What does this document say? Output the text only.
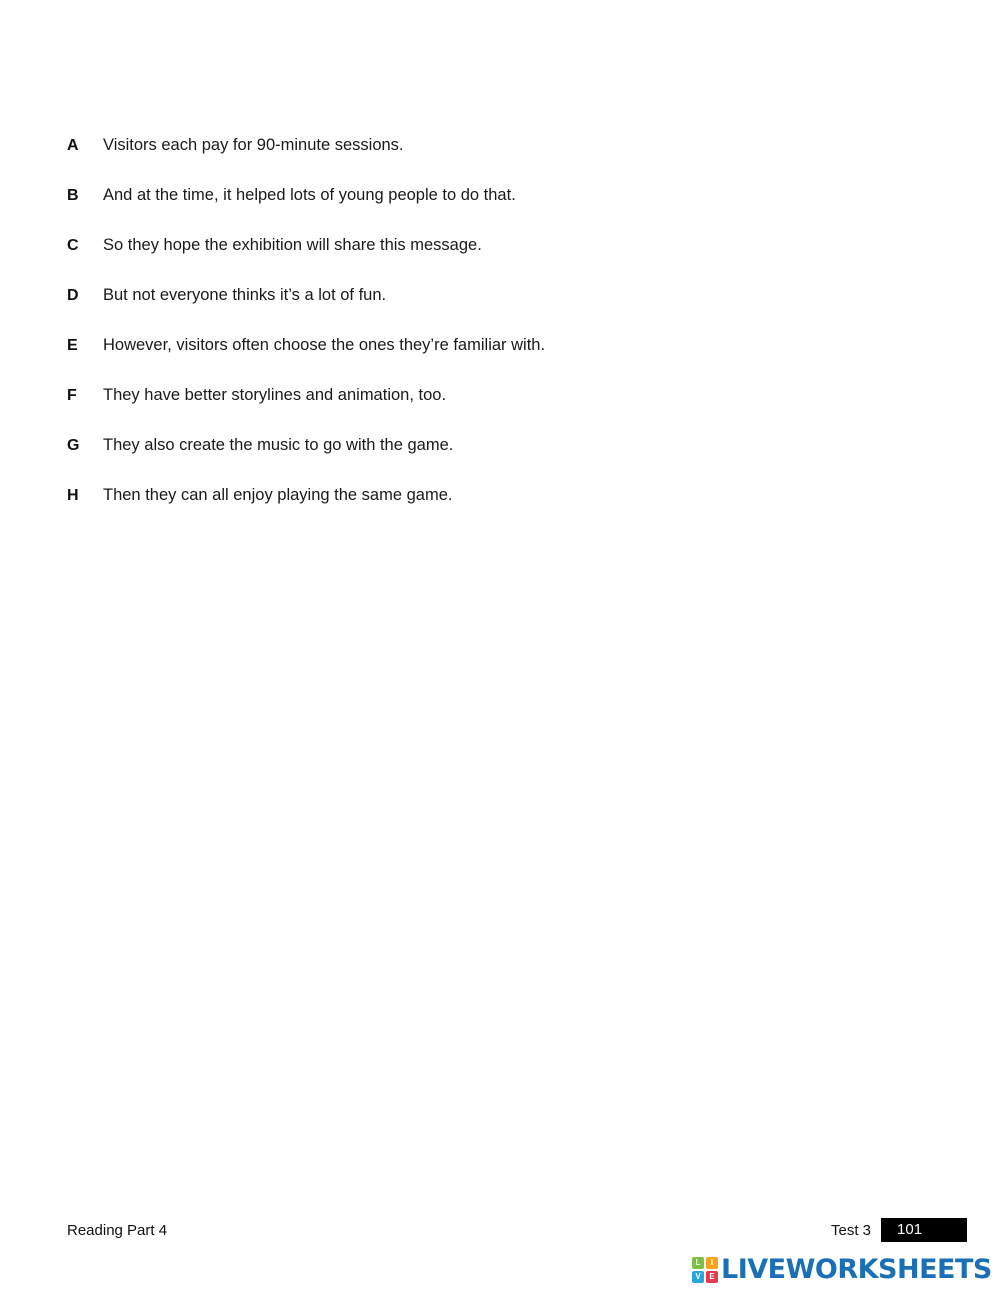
A	Visitors each pay for 90-minute sessions.
B	And at the time, it helped lots of young people to do that.
C	So they hope the exhibition will share this message.
D	But not everyone thinks it’s a lot of fun.
E	However, visitors often choose the ones they’re familiar with.
F	They have better storylines and animation, too.
G	They also create the music to go with the game.
H	Then they can all enjoy playing the same game.
Reading Part 4	Test 3	101
L	I
V	E LIVEWORKSHEETS
